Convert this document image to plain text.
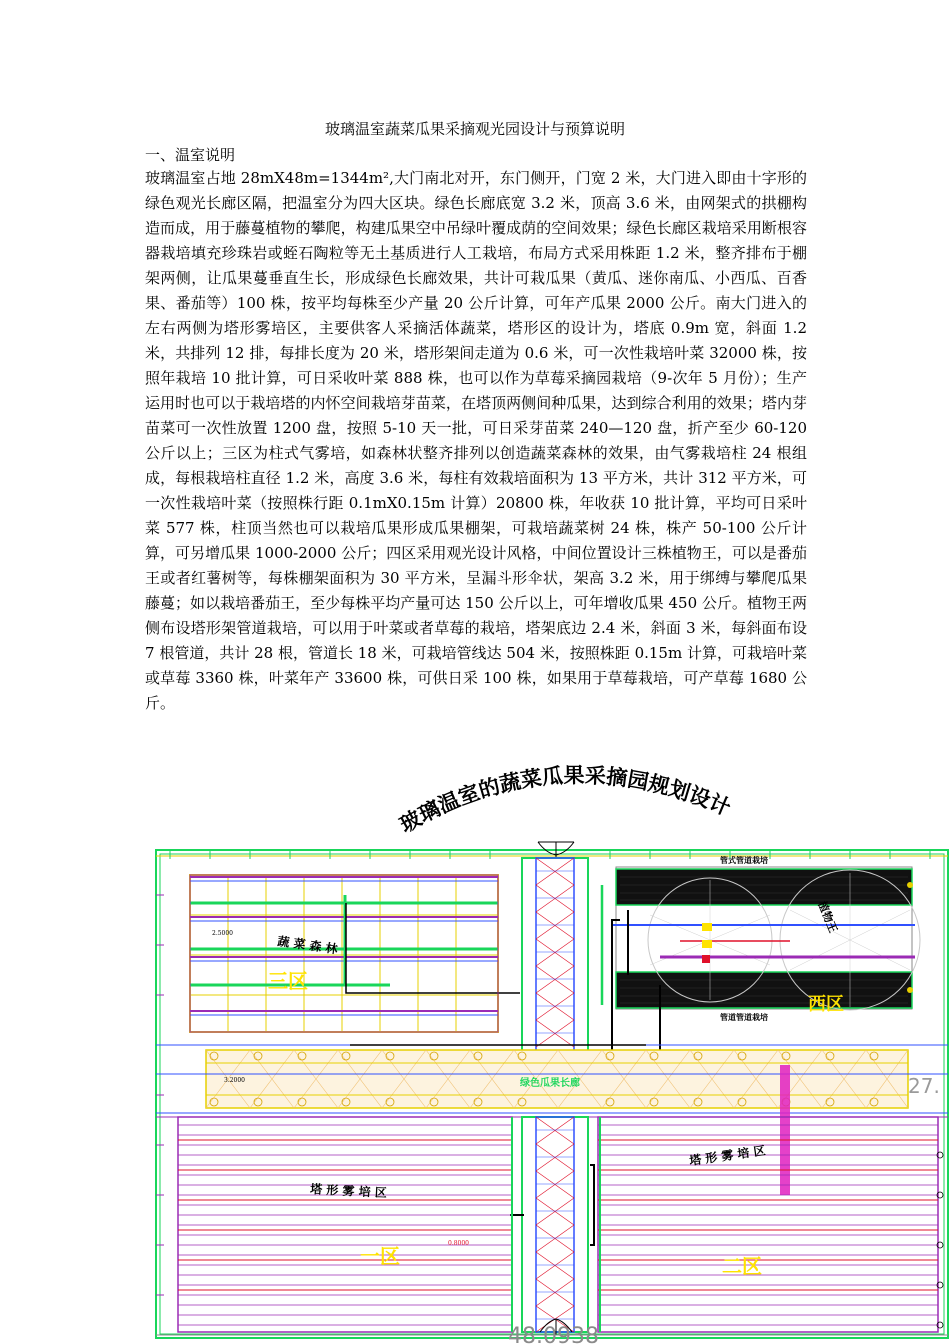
玻璃温室蔬菜瓜果采摘观光园设计与预算说明
一、温室说明

玻璃温室占地 28mX48m=1344m²,大门南北对开，东门侧开，门宽 2 米，大门进入即由十字形的绿色观光长廊区隔，把温室分为四大区块。绿色长廊底宽 3.2 米，顶高 3.6 米，由网架式的拱棚构造而成，用于藤蔓植物的攀爬，构建瓜果空中吊绿叶覆成荫的空间效果；绿色长廊区栽培采用断根容器栽培填充珍珠岩或蛭石陶粒等无土基质进行人工栽培，布局方式采用株距 1.2 米，整齐排布于棚架两侧，让瓜果蔓垂直生长，形成绿色长廊效果，共计可栽瓜果（黄瓜、迷你南瓜、小西瓜、百香果、番茄等）100 株，按平均每株至少产量 20 公斤计算，可年产瓜果 2000 公斤。南大门进入的左右两侧为塔形雾培区，主要供客人采摘活体蔬菜，塔形区的设计为，塔底 0.9m 宽，斜面 1.2 米，共排列 12 排，每排长度为 20 米，塔形架间走道为 0.6 米，可一次性栽培叶菜 32000 株，按照年栽培 10 批计算，可日采收叶菜 888 株，也可以作为草莓采摘园栽培（9-次年 5 月份）；生产运用时也可以于栽培塔的内怀空间栽培芽苗菜，在塔顶两侧间种瓜果，达到综合利用的效果；塔内芽苗菜可一次性放置 1200 盘，按照 5-10 天一批，可日采芽苗菜 240—120 盘，折产至少 60-120 公斤以上；三区为柱式气雾培，如森林状整齐排列以创造蔬菜森林的效果，由气雾栽培柱 24 根组成，每根栽培柱直径 1.2 米，高度 3.6 米，每柱有效栽培面积为 13 平方米，共计 312 平方米，可一次性栽培叶菜（按照株行距 0.1mX0.15m 计算）20800 株，年收获 10 批计算，平均可日采叶菜 577 株，柱顶当然也可以栽培瓜果形成瓜果棚架，可栽培蔬菜树 24 株，株产 50-100 公斤计算，可另增瓜果 1000-2000 公斤；四区采用观光设计风格，中间位置设计三株植物王，可以是番茄王或者红薯树等，每株棚架面积为 30 平方米，呈漏斗形伞状，架高 3.2 米，用于绑缚与攀爬瓜果藤蔓；如以栽培番茄王，至少每株平均产量可达 150 公斤以上，可年增收瓜果 450 公斤。植物王两侧布设塔形架管道栽培，可以用于叶菜或者草莓的栽培，塔架底边 2.4 米，斜面 3 米，每斜面布设 7 根管道，共计 28 根，管道长 18 米，可栽培管线达 504 米，按照株距 0.15m 计算，可栽培叶菜或草莓 3360 株，叶菜年产 33600 株，可供日采 100 株，如果用于草莓栽培，可产草莓 1680 公斤。

玻璃温室的蔬菜瓜果采摘园规划设计
蔬 菜 森 林
三区
2.5000
管式管道栽培
管道管道栽培
植物王
西区
绿色瓜果长廊	27.
3.2000
塔 形 雾 培 区
一区
0.8000
塔 形 雾 培 区
二区
48.0938
